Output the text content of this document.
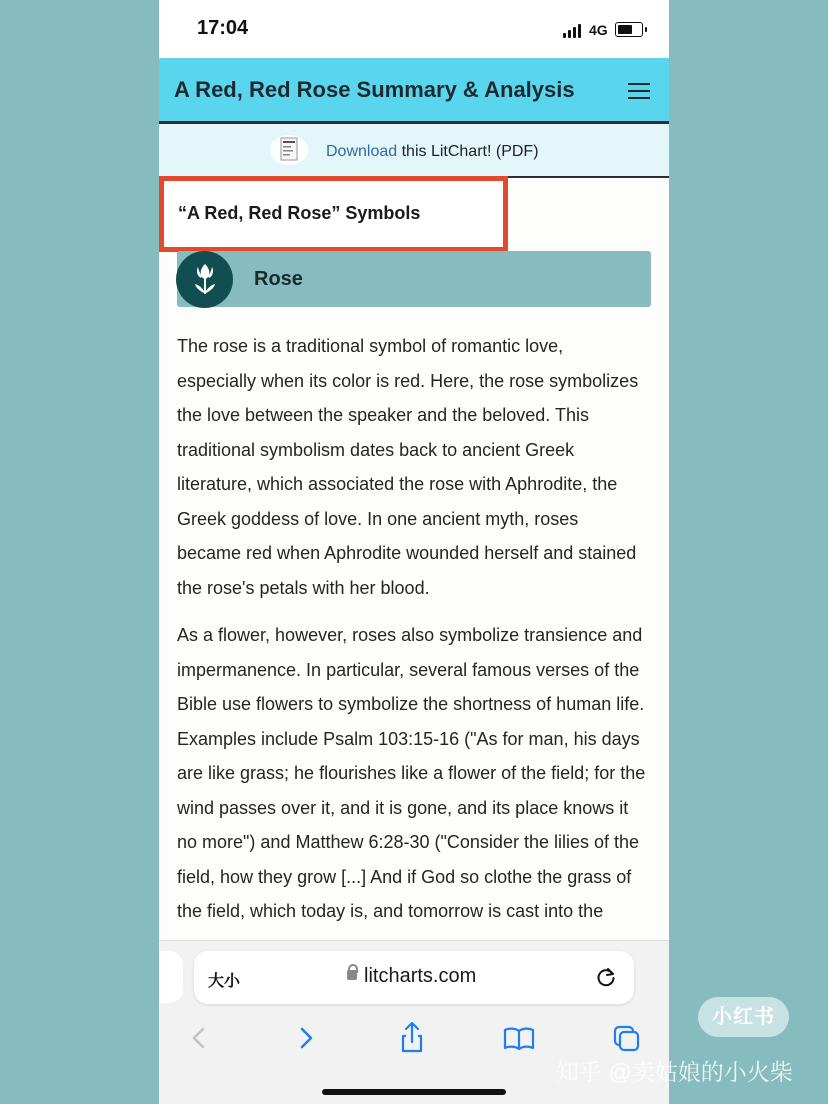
17:04	4G
A Red, Red Rose Summary & Analysis
Download this LitChart! (PDF)
“A Red, Red Rose” Symbols
Rose

The rose is a traditional symbol of romantic love, especially when its color is red. Here, the rose symbolizes the love between the speaker and the beloved. This traditional symbolism dates back to ancient Greek literature, which associated the rose with Aphrodite, the Greek goddess of love. In one ancient myth, roses became red when Aphrodite wounded herself and stained the rose's petals with her blood.

As a flower, however, roses also symbolize transience and impermanence. In particular, several famous verses of the Bible use flowers to symbolize the shortness of human life. Examples include Psalm 103:15-16 ("As for man, his days are like grass; he flourishes like a flower of the field; for the wind passes over it, and it is gone, and its place knows it no more") and Matthew 6:28-30 ("Consider the lilies of the field, how they grow [...] And if God so clothe the grass of the field, which today is, and tomorrow is cast into the

大小	litcharts.com
小红书
知乎 @卖姑娘的小火柴
